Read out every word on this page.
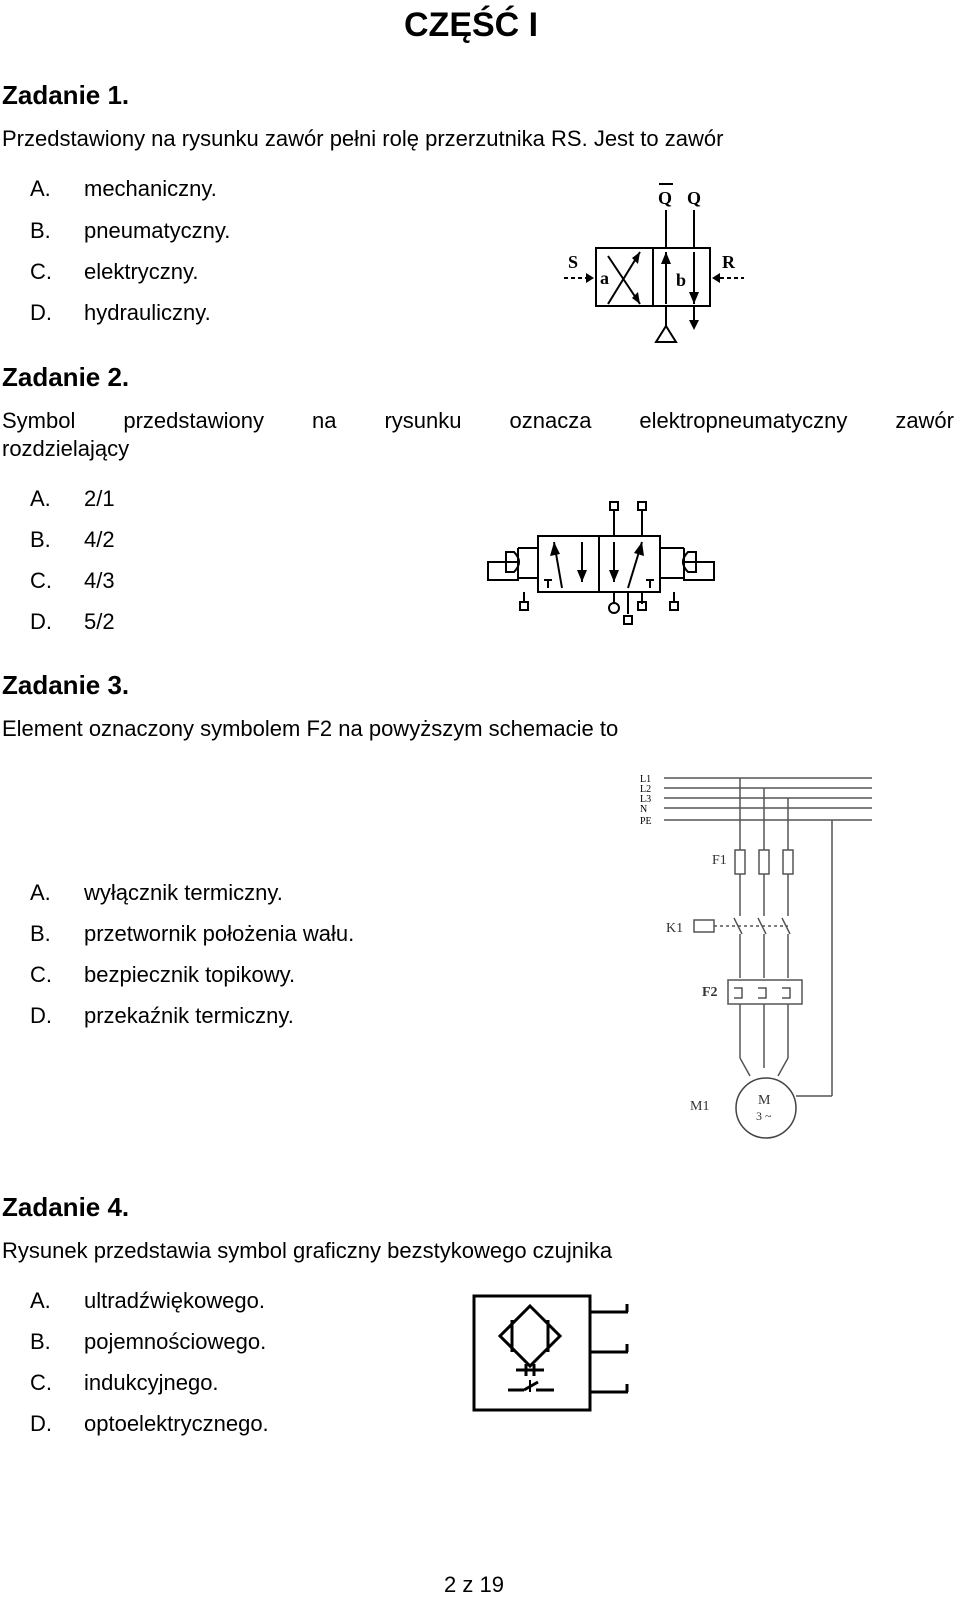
CZĘŚĆ I
Zadanie 1.
Przedstawiony na rysunku zawór pełni rolę przerzutnika RS. Jest to zawór
A. mechaniczny.
B. pneumatyczny.
C. elektryczny.
D. hydrauliczny.
Q Q
S	R
a	b
Zadanie 2.
Symbol przedstawiony na rysunku oznacza elektropneumatyczny zawór
rozdzielający
A. 2/1
B. 4/2
C. 4/3
D. 5/2
Zadanie 3.
Element oznaczony symbolem F2 na powyższym schemacie to
A. wyłącznik termiczny.
B. przetwornik położenia wału.
C. bezpiecznik topikowy.
D. przekaźnik termiczny.
L1
L2
L3
N
PE
F1
K1
F2
M1	M
3 ~
Zadanie 4.
Rysunek przedstawia symbol graficzny bezstykowego czujnika
A. ultradźwiękowego.
B. pojemnościowego.
C. indukcyjnego.
D. optoelektrycznego.
2 z 19
